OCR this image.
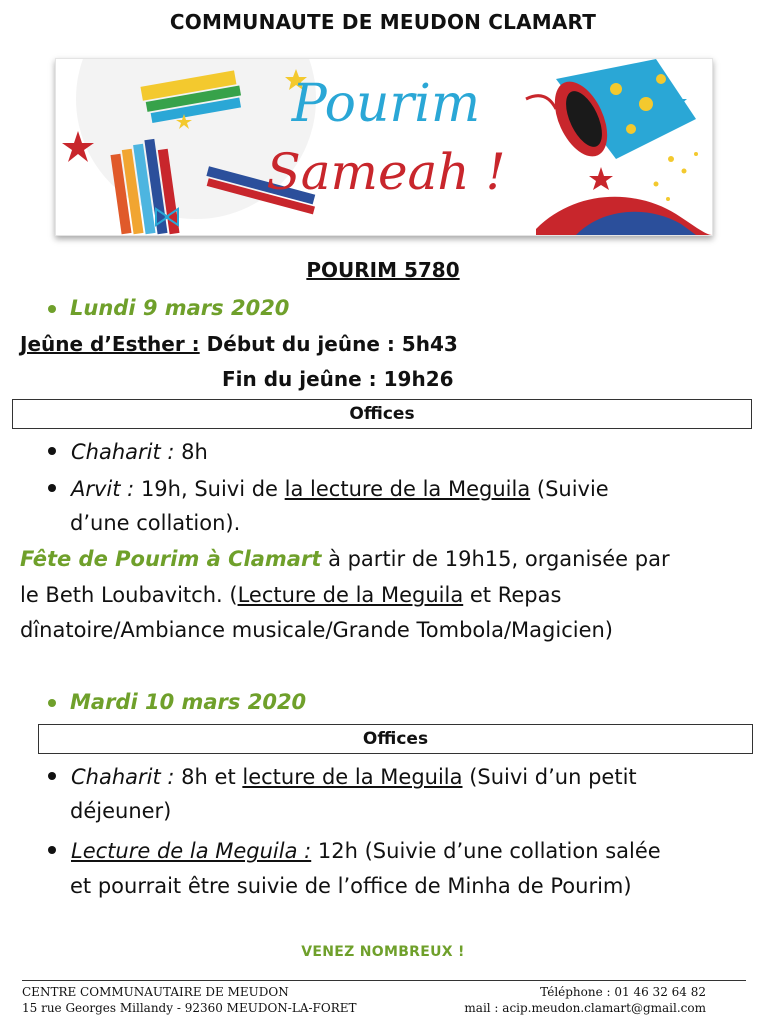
COMMUNAUTE DE MEUDON CLAMART
Pourim
Sameah !
POURIM 5780
Lundi 9 mars 2020
Jeûne d’Esther : Début du jeûne : 5h43
Fin du jeûne : 19h26
Offices
Chaharit : 8h
Arvit : 19h, Suivi de la lecture de la Meguila (Suivie
d’une collation).
Fête de Pourim à Clamart à partir de 19h15, organisée par
le Beth Loubavitch. (Lecture de la Meguila et Repas
dînatoire/Ambiance musicale/Grande Tombola/Magicien)
Mardi 10 mars 2020
Offices
Chaharit : 8h et lecture de la Meguila (Suivi d’un petit
déjeuner)
Lecture de la Meguila : 12h (Suivie d’une collation salée
et pourrait être suivie de l’office de Minha de Pourim)
VENEZ NOMBREUX !
CENTRE COMMUNAUTAIRE DE MEUDON
15 rue Georges Millandy - 92360 MEUDON-LA-FORET
Téléphone : 01 46 32 64 82
mail : acip.meudon.clamart@gmail.com
